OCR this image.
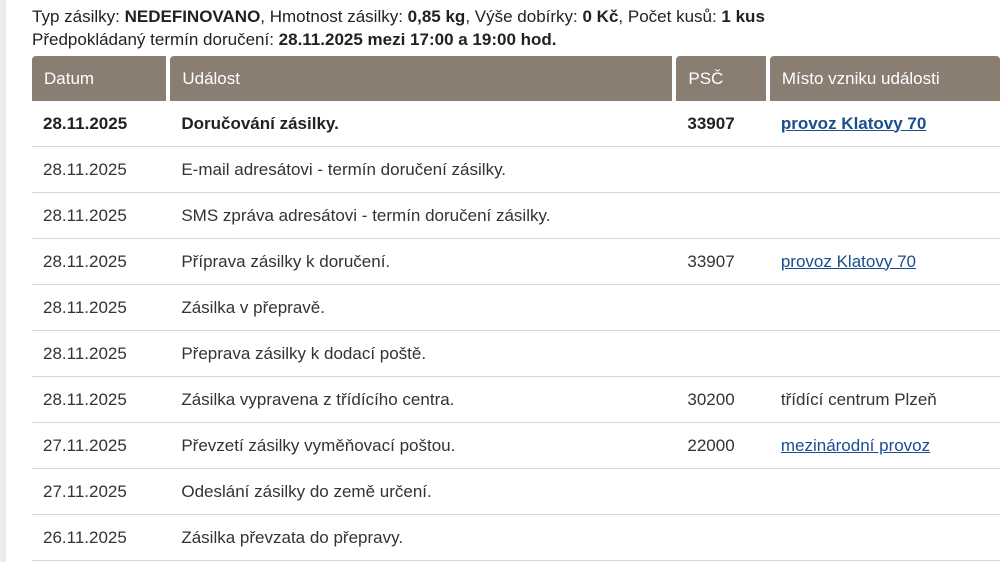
Typ zásilky: NEDEFINOVANO, Hmotnost zásilky: 0,85 kg, Výše dobírky: 0 Kč, Počet kusů: 1 kus
Předpokládaný termín doručení: 28.11.2025 mezi 17:00 a 19:00 hod.
Datum	Událost	PSČ	Místo vzniku události
28.11.2025	Doručování zásilky.	33907	provoz Klatovy 70
28.11.2025	E-mail adresátovi - termín doručení zásilky.		
28.11.2025	SMS zpráva adresátovi - termín doručení zásilky.		
28.11.2025	Příprava zásilky k doručení.	33907	provoz Klatovy 70
28.11.2025	Zásilka v přepravě.		
28.11.2025	Přeprava zásilky k dodací poště.		
28.11.2025	Zásilka vypravena z třídícího centra.	30200	třídící centrum Plzeň
27.11.2025	Převzetí zásilky vyměňovací poštou.	22000	mezinárodní provoz
27.11.2025	Odeslání zásilky do země určení.		
26.11.2025	Zásilka převzata do přepravy.		
